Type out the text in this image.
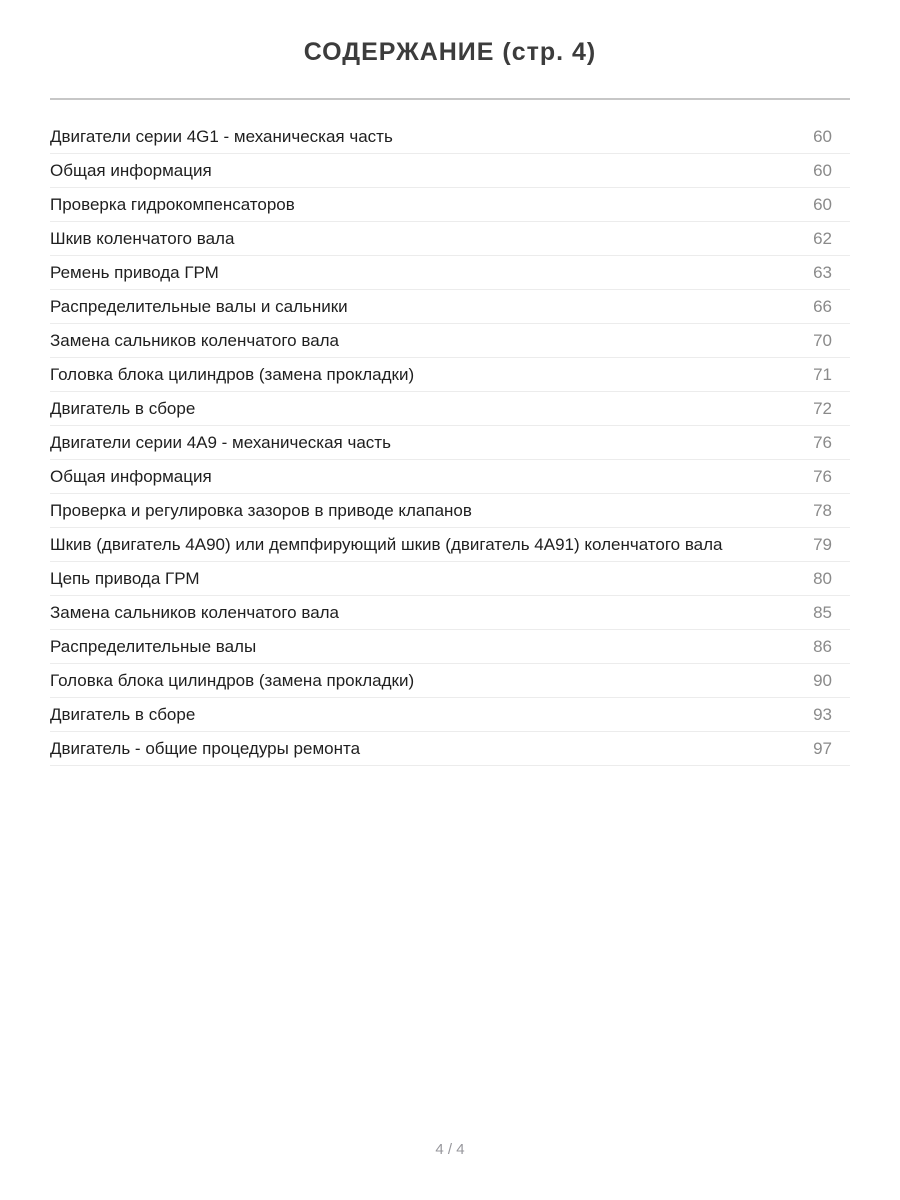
СОДЕРЖАНИЕ (стр. 4)
Двигатели серии 4G1 - механическая часть	60
Общая информация	60
Проверка гидрокомпенсаторов	60
Шкив коленчатого вала	62
Ремень привода ГРМ	63
Распределительные валы и сальники	66
Замена сальников коленчатого вала	70
Головка блока цилиндров (замена прокладки)	71
Двигатель в сборе	72
Двигатели серии 4А9 - механическая часть	76
Общая информация	76
Проверка и регулировка зазоров в приводе клапанов	78
Шкив (двигатель 4А90) или демпфирующий шкив (двигатель 4А91) коленчатого вала	79
Цепь привода ГРМ	80
Замена сальников коленчатого вала	85
Распределительные валы	86
Головка блока цилиндров (замена прокладки)	90
Двигатель в сборе	93
Двигатель - общие процедуры ремонта	97
4 / 4
